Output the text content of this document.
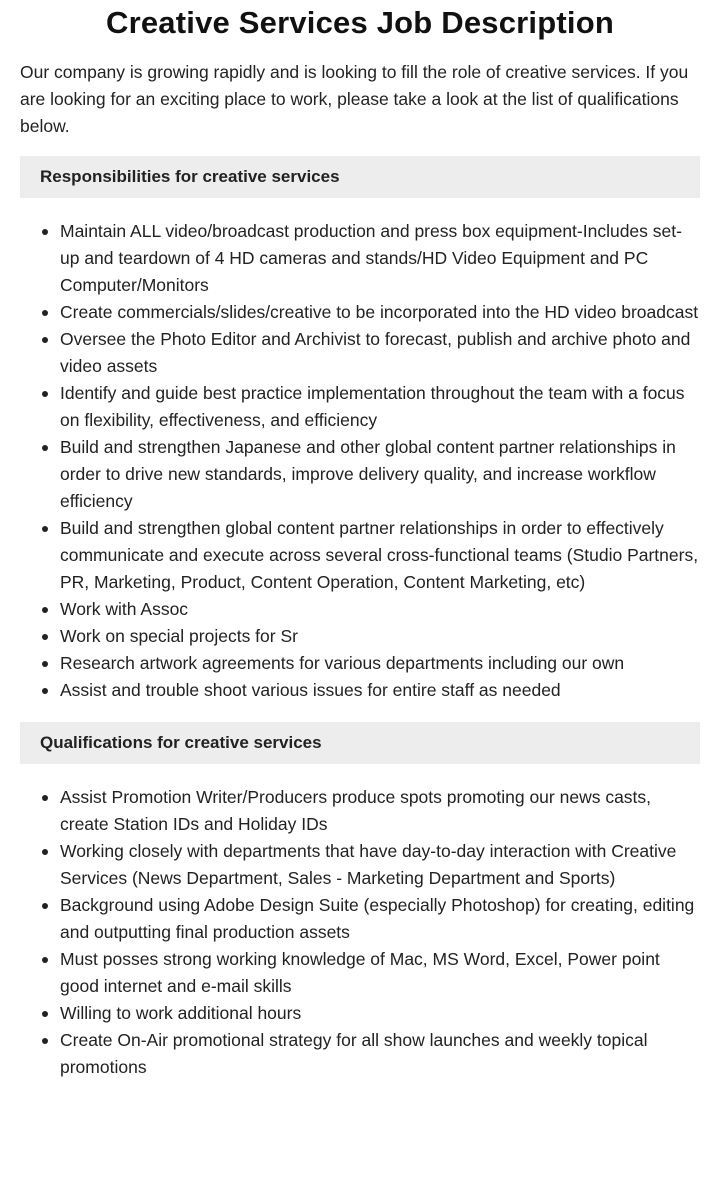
Creative Services Job Description

Our company is growing rapidly and is looking to fill the role of creative services. If you are looking for an exciting place to work, please take a look at the list of qualifications below.

Responsibilities for creative services
Maintain ALL video/broadcast production and press box equipment-Includes set-up and teardown of 4 HD cameras and stands/HD Video Equipment and PC Computer/Monitors
Create commercials/slides/creative to be incorporated into the HD video broadcast
Oversee the Photo Editor and Archivist to forecast, publish and archive photo and video assets
Identify and guide best practice implementation throughout the team with a focus on flexibility, effectiveness, and efficiency
Build and strengthen Japanese and other global content partner relationships in order to drive new standards, improve delivery quality, and increase workflow efficiency
Build and strengthen global content partner relationships in order to effectively communicate and execute across several cross-functional teams (Studio Partners, PR, Marketing, Product, Content Operation, Content Marketing, etc)
Work with Assoc
Work on special projects for Sr
Research artwork agreements for various departments including our own
Assist and trouble shoot various issues for entire staff as needed
Qualifications for creative services
Assist Promotion Writer/Producers produce spots promoting our news casts, create Station IDs and Holiday IDs
Working closely with departments that have day-to-day interaction with Creative Services (News Department, Sales - Marketing Department and Sports)
Background using Adobe Design Suite (especially Photoshop) for creating, editing and outputting final production assets
Must posses strong working knowledge of Mac, MS Word, Excel, Power point good internet and e-mail skills
Willing to work additional hours
Create On-Air promotional strategy for all show launches and weekly topical promotions
